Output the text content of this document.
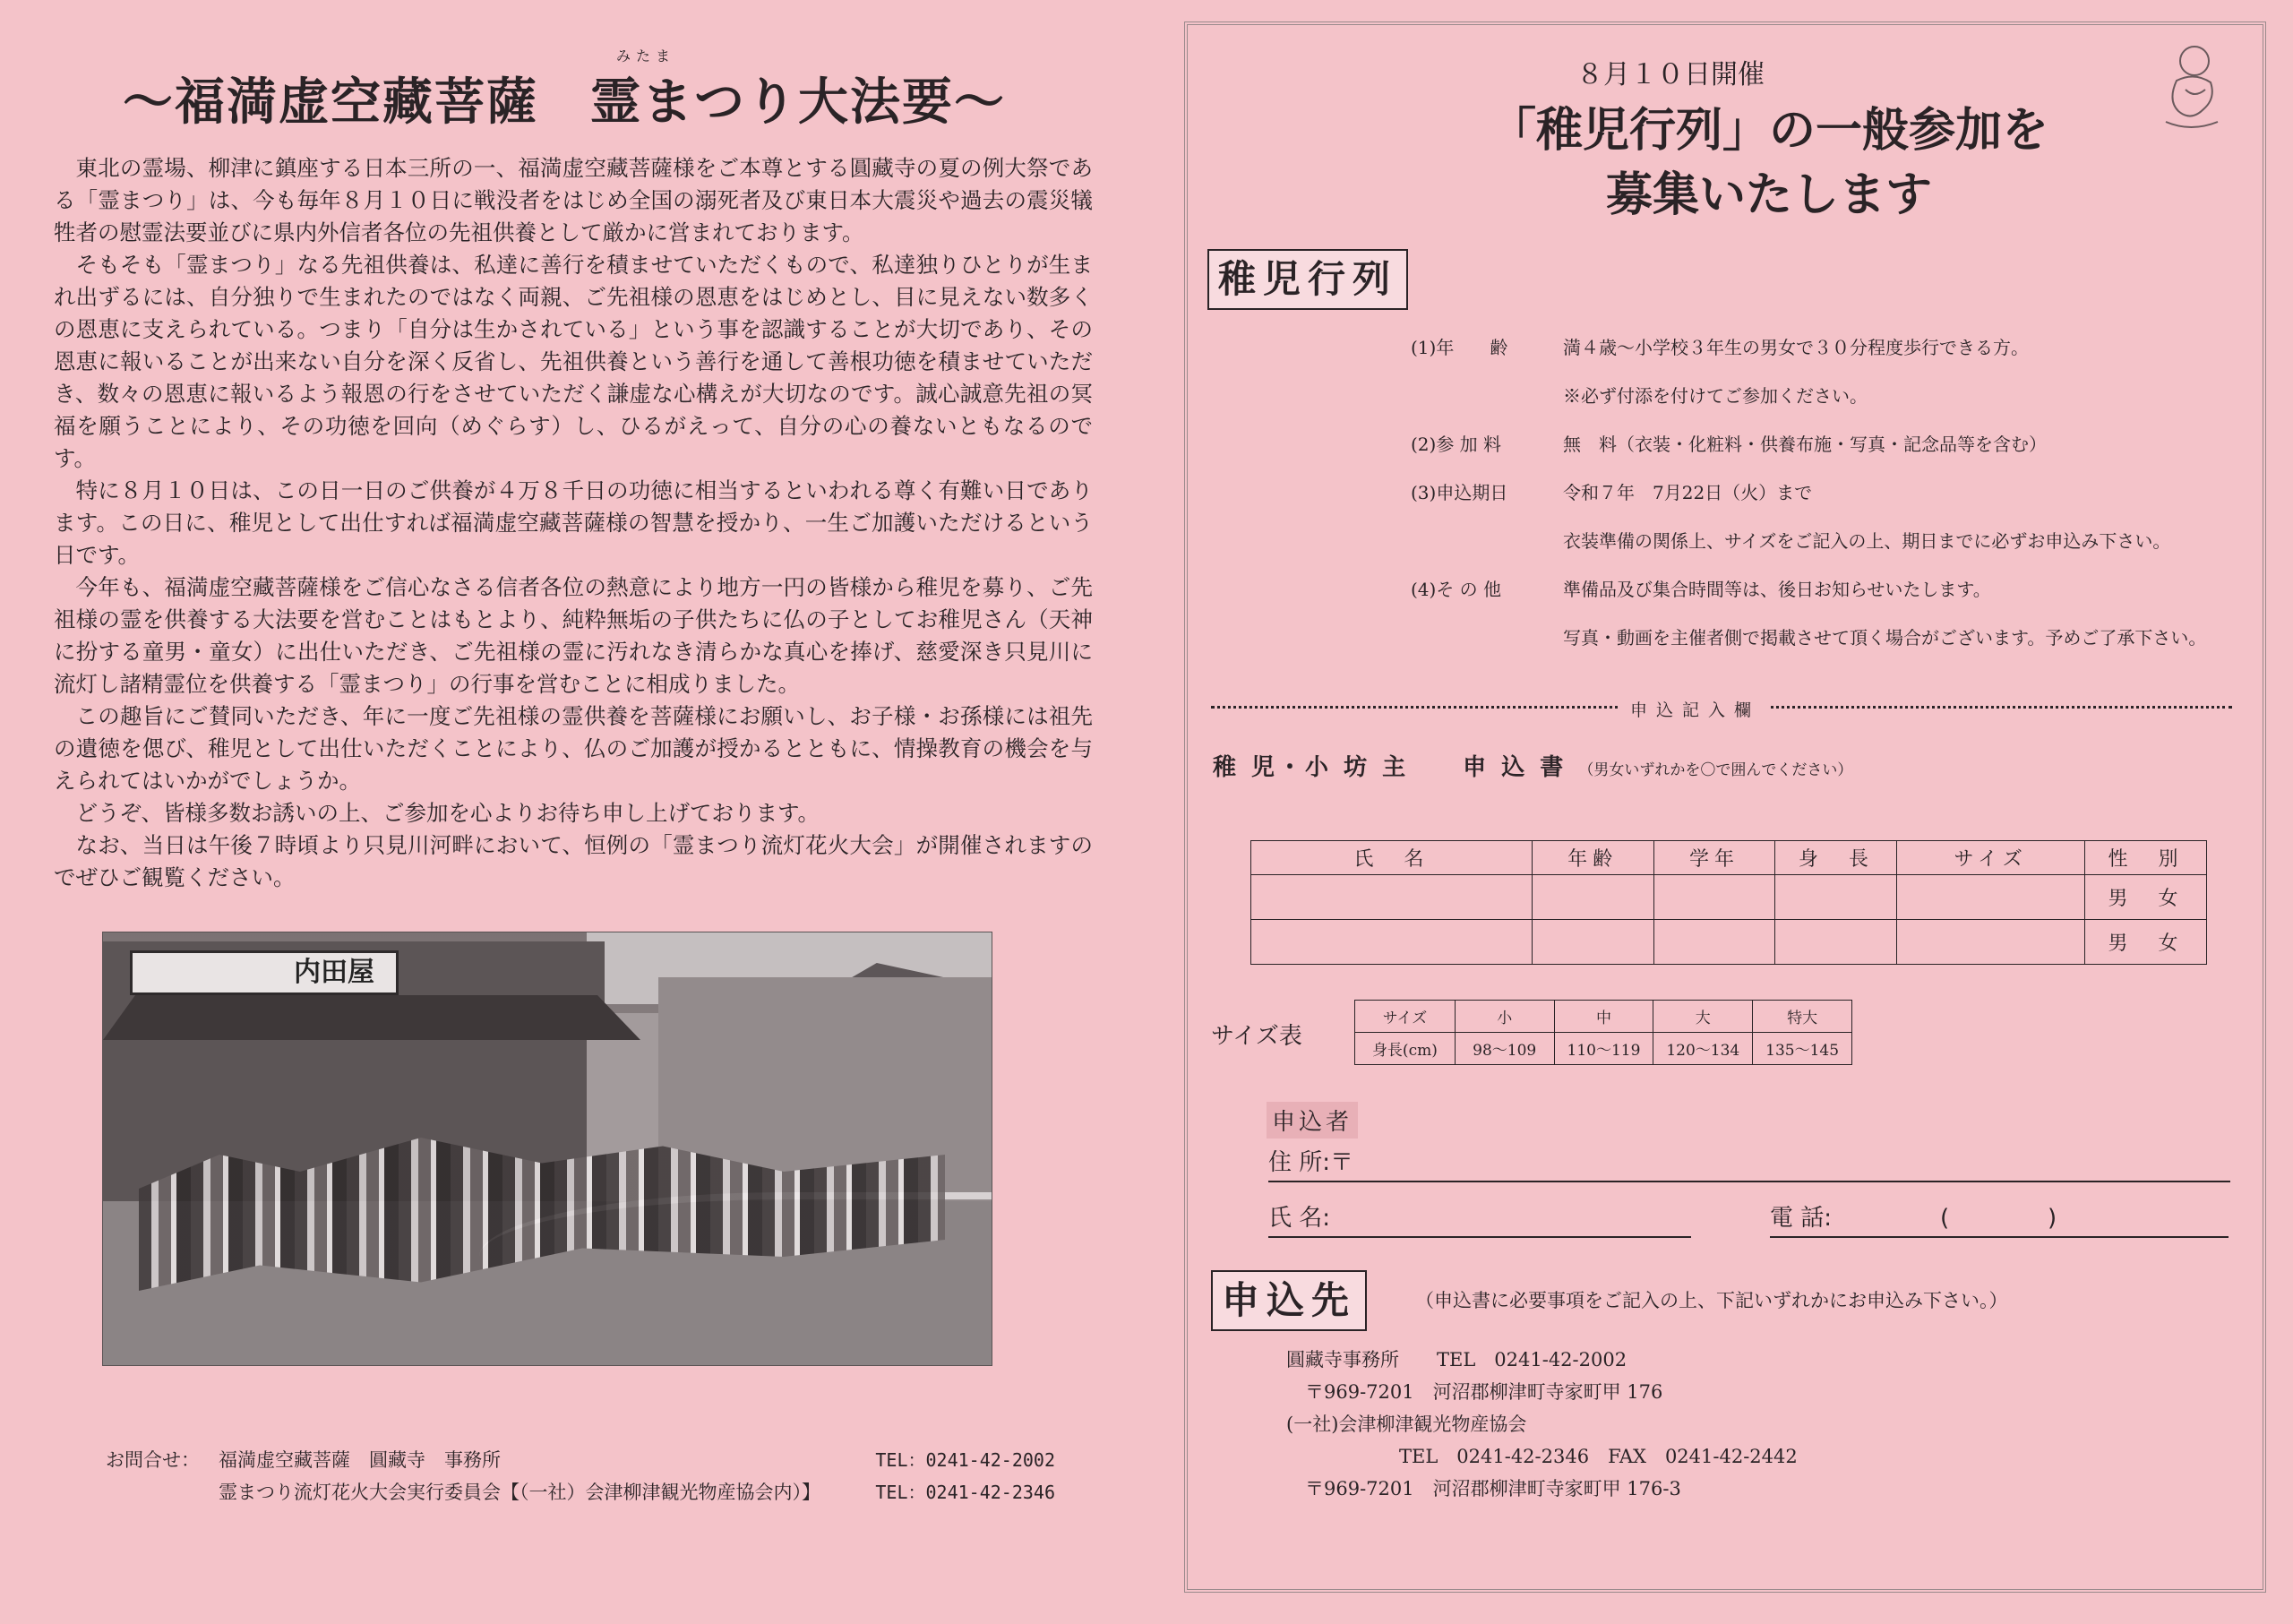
～福満虚空藏菩薩　霊まつり大法要～
みたま

東北の霊場、柳津に鎮座する日本三所の一、福満虚空藏菩薩様をご本尊とする圓藏寺の夏の例大祭である「霊まつり」は、今も毎年８月１０日に戦没者をはじめ全国の溺死者及び東日本大震災や過去の震災犠牲者の慰霊法要並びに県内外信者各位の先祖供養として厳かに営まれております。

そもそも「霊まつり」なる先祖供養は、私達に善行を積ませていただくもので、私達独りひとりが生まれ出ずるには、自分独りで生まれたのではなく両親、ご先祖様の恩恵をはじめとし、目に見えない数多くの恩恵に支えられている。つまり「自分は生かされている」という事を認識することが大切であり、その恩恵に報いることが出来ない自分を深く反省し、先祖供養という善行を通して善根功徳を積ませていただき、数々の恩恵に報いるよう報恩の行をさせていただく謙虚な心構えが大切なのです。誠心誠意先祖の冥福を願うことにより、その功徳を回向（めぐらす）し、ひるがえって、自分の心の養ないともなるのです。

特に８月１０日は、この日一日のご供養が４万８千日の功徳に相当するといわれる尊く有難い日であります。この日に、稚児として出仕すれば福満虚空藏菩薩様の智慧を授かり、一生ご加護いただけるという日です。

今年も、福満虚空藏菩薩様をご信心なさる信者各位の熱意により地方一円の皆様から稚児を募り、ご先祖様の霊を供養する大法要を営むことはもとより、純粋無垢の子供たちに仏の子としてお稚児さん（天神に扮する童男・童女）に出仕いただき、ご先祖様の霊に汚れなき清らかな真心を捧げ、慈愛深き只見川に流灯し諸精霊位を供養する「霊まつり」の行事を営むことに相成りました。

この趣旨にご賛同いただき、年に一度ご先祖様の霊供養を菩薩様にお願いし、お子様・お孫様には祖先の遺徳を偲び、稚児として出仕いただくことにより、仏のご加護が授かるとともに、情操教育の機会を与えられてはいかがでしょうか。

どうぞ、皆様多数お誘いの上、ご参加を心よりお待ち申し上げております。

なお、当日は午後７時頃より只見川河畔において、恒例の「霊まつり流灯花火大会」が開催されますのでぜひご観覧ください。

内田屋
お問合せ： 福満虚空藏菩薩　圓藏寺　事務所	TEL：0241-42-2002
霊まつり流灯花火大会実行委員会【（一社）会津柳津観光物産協会内）】	TEL：0241-42-2346
８月１０日開催
「稚児行列」の一般参加を
募集いたします
稚児行列
(1)年　　齢	満４歳～小学校３年生の男女で３０分程度歩行できる方。
※必ず付添を付けてご参加ください。
(2)参 加 料	無　料（衣装・化粧料・供養布施・写真・記念品等を含む）
(3)申込期日	令和７年　7月22日（火）まで
衣装準備の関係上、サイズをご記入の上、期日までに必ずお申込み下さい。
(4)そ の 他	準備品及び集合時間等は、後日お知らせいたします。
写真・動画を主催者側で掲載させて頂く場合がございます。予めご了承下さい。
申込記入欄
稚 児・小 坊 主　　申 込 書 （男女いずれかを〇で囲んでください）
氏　名	年齢	学年	身　長	サイズ	性　別
					男　女
					男　女
サイズ表
サイズ	小	中	大	特大
身長(cm)	98～109	110～119	120～134	135～145
申込者
住 所:〒
氏 名:	電 話:	(	)
申込先	（申込書に必要事項をご記入の上、下記いずれかにお申込み下さい。）
圓藏寺事務所　　TEL　0241-42-2002
　〒969-7201　河沼郡柳津町寺家町甲 176
(一社)会津柳津観光物産協会
　　　　　　TEL　0241-42-2346　FAX　0241-42-2442
　〒969-7201　河沼郡柳津町寺家町甲 176-3
